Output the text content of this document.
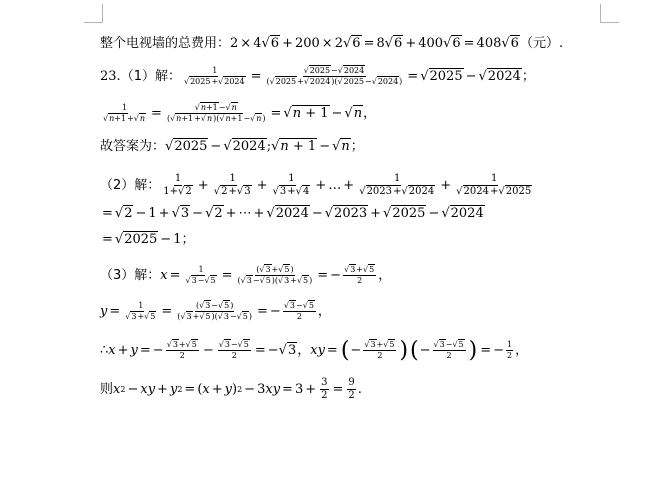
整个电视墙的总费用： 2 × 4 √6 + 200 × 2 √6 = 8 √6 + 400 √6 = 408 √6 （元）.
23. （1）解： $\frac{1}{√2025+√2024} = \frac{√2025-√2024}{(√2025+√2024)(√2025-√2024)} = √2025 - √2024$ ；
$\frac{1}{√n+1+√n} = \frac{√n+1-√n}{(√n+1+√n)(√n+1-√n)} = √n + 1 - √n$ ，
故答案为： √2025 − √2024 ; √n + 1 − √n ；
（2）解： $\frac{1}{1+√2} + \frac{1}{√2+√3} + \frac{1}{√3+√4}$ + … + $\frac{1}{√2023+√2024} + \frac{1}{√2024+√2025}$
= √2 − 1 + √3 − √2 + ⋯ + √2024 − √2023 + √2025 − √2024
= √2025 − 1 ；
（3）解： $x = \frac{1}{√3-√5} = \frac{(√3+√5)}{(√3-√5)(√3+√5)}$ = − $\frac{√3+√5}{2}$ ，
$y = \frac{1}{√3+√5} = \frac{(√3-√5)}{(√3+√5)(√3-√5)}$ = − $\frac{√3-√5}{2}$ ，
∴ x + y = − $\frac{√3+√5}{2} - \frac{√3-√5}{2}$ = − √3 ， xy = ( − $\frac{√3+√5}{2}$ ) ( − $\frac{√3-√5}{2}$ ) = − $\frac{1}{2}$ ，
则 x 2 − xy + y 2 = ( x + y ) 2 − 3 xy = $3 + \frac{3}{2} = \frac{9}{2}$ .
